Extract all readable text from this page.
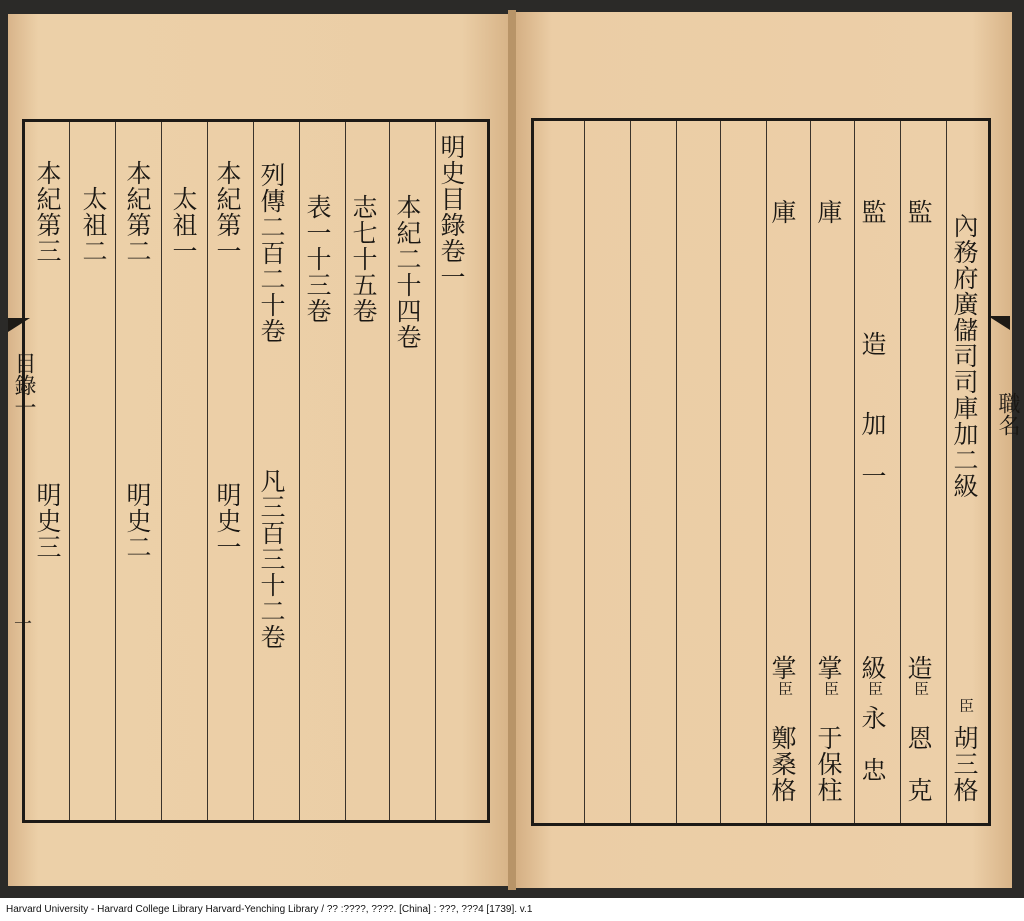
明史目錄卷一
本紀二十四卷
志七十五卷
表一十三卷
列傳二百二十卷
凡三百三十二卷
本紀第一
明史一
太祖一
本紀第二
明史二
太祖二
本紀第三
明史三
目錄一
一
內務府廣儲司司庫加二級
臣
胡三格
監
造
臣
恩　克
監
造
加　一
級
臣
永　忠
庫
掌
臣
于保柱
庫
掌
臣
鄭桑格
職名
Harvard University - Harvard College Library Harvard-Yenching Library / ?? :????, ????. [China] : ???, ???4 [1739]. v.1
